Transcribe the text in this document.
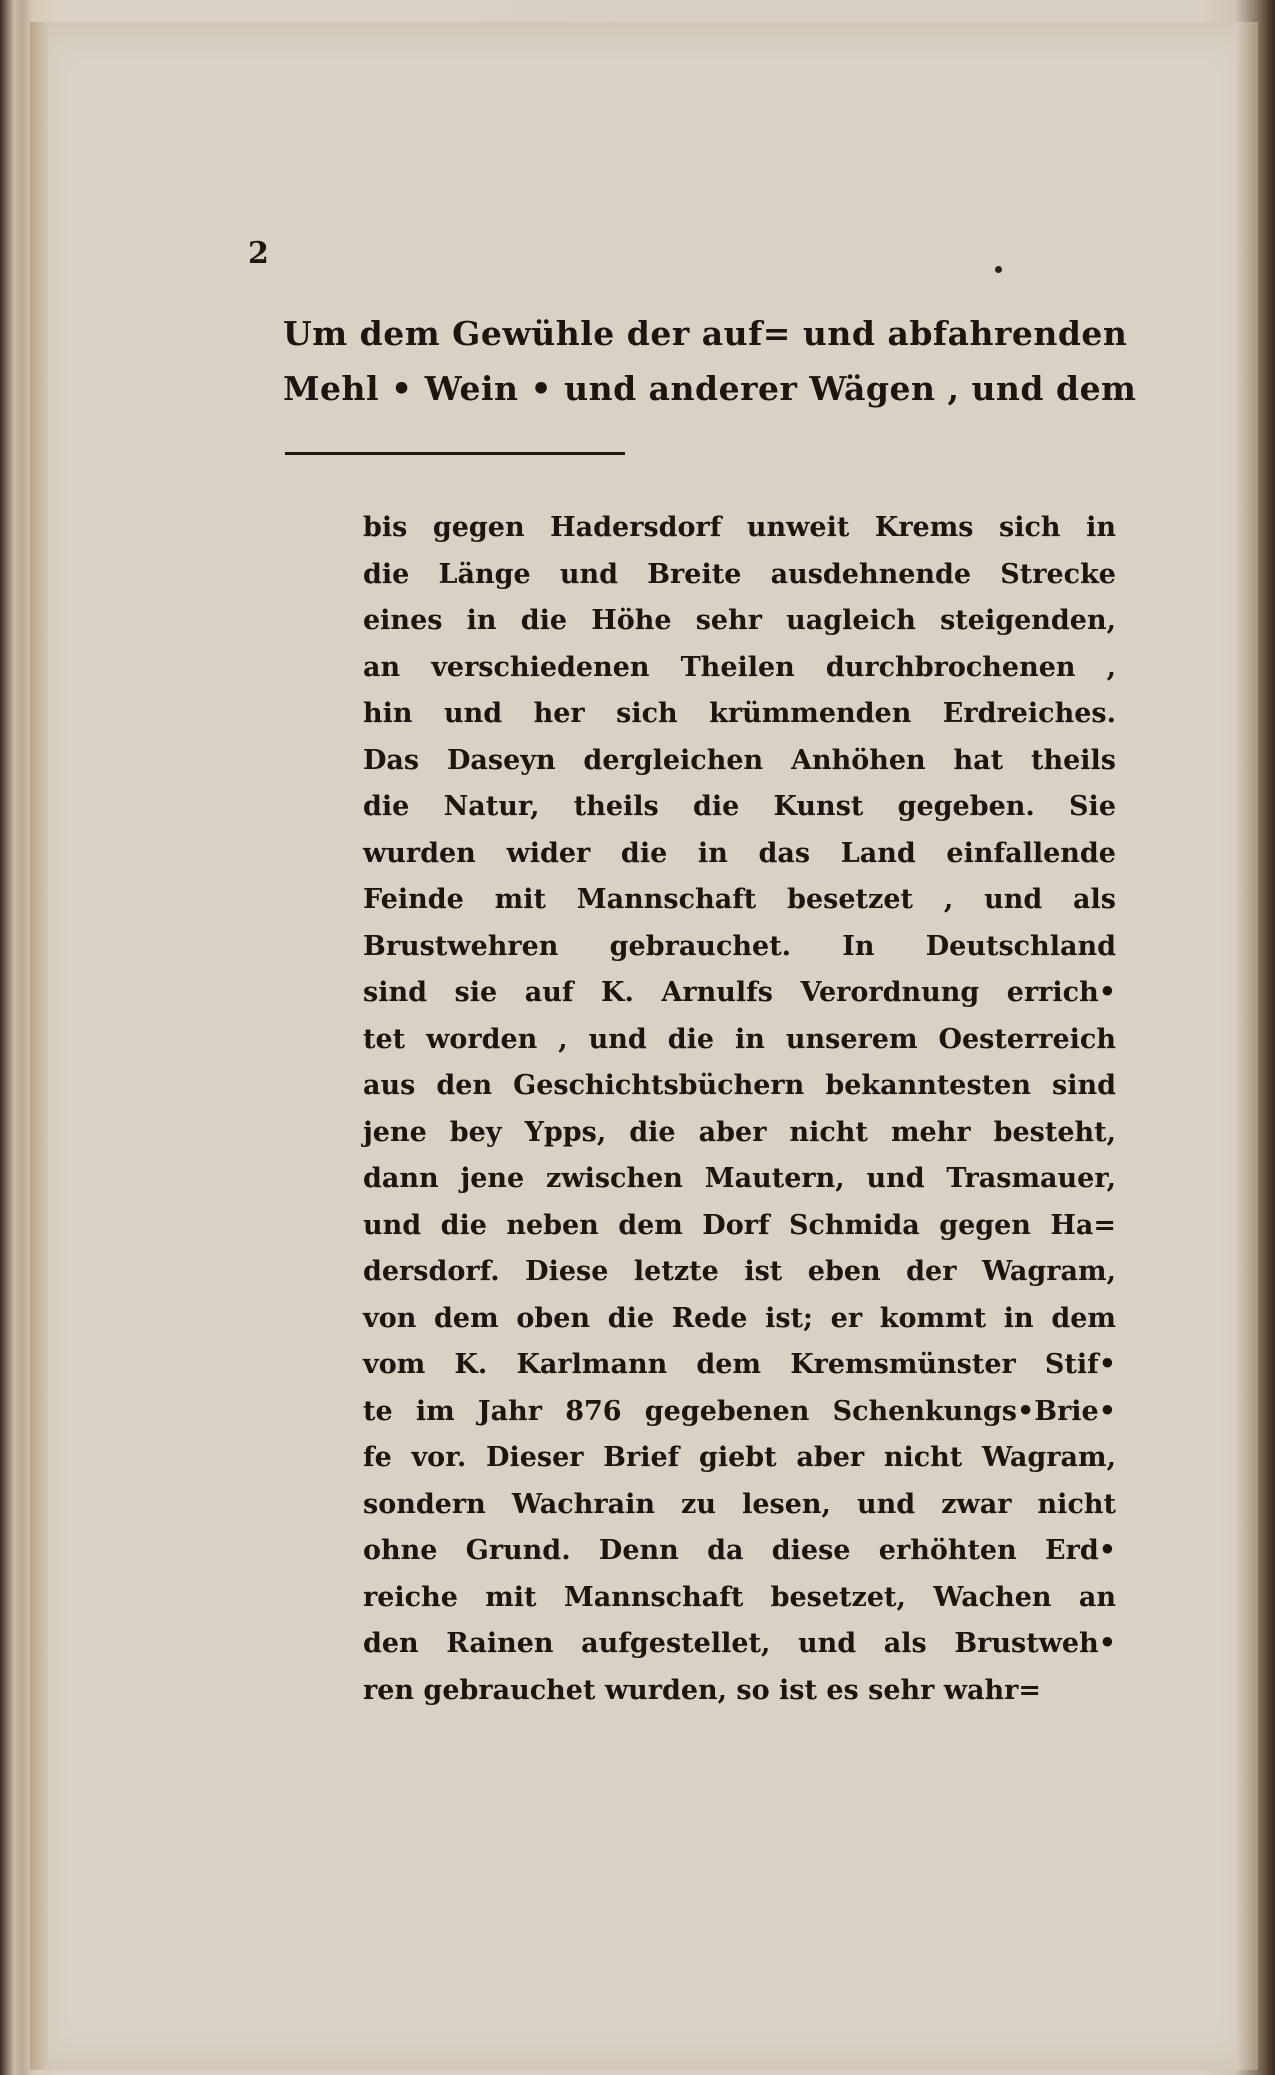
2
Um dem Gewühle der auf= und abfahrenden
Mehl • Wein • und anderer Wägen , und dem
bis gegen Hadersdorf unweit Krems sich in
die Länge und Breite ausdehnende Strecke
eines in die Höhe sehr uagleich steigenden,
an verschiedenen Theilen durchbrochenen ,
hin und her sich krümmenden Erdreiches.
Das Daseyn dergleichen Anhöhen hat theils
die Natur, theils die Kunst gegeben. Sie
wurden wider die in das Land einfallende
Feinde mit Mannschaft besetzet , und als
Brustwehren gebrauchet. In Deutschland
sind sie auf K. Arnulfs Verordnung errich•
tet worden , und die in unserem Oesterreich
aus den Geschichtsbüchern bekanntesten sind
jene bey Ypps, die aber nicht mehr besteht,
dann jene zwischen Mautern, und Trasmauer,
und die neben dem Dorf Schmida gegen Ha=
dersdorf. Diese letzte ist eben der Wagram,
von dem oben die Rede ist; er kommt in dem
vom K. Karlmann dem Kremsmünster Stif•
te im Jahr 876 gegebenen Schenkungs•Brie•
fe vor. Dieser Brief giebt aber nicht Wagram,
sondern Wachrain zu lesen, und zwar nicht
ohne Grund. Denn da diese erhöhten Erd•
reiche mit Mannschaft besetzet, Wachen an
den Rainen aufgestellet, und als Brustweh•
ren gebrauchet wurden, so ist es sehr wahr=
